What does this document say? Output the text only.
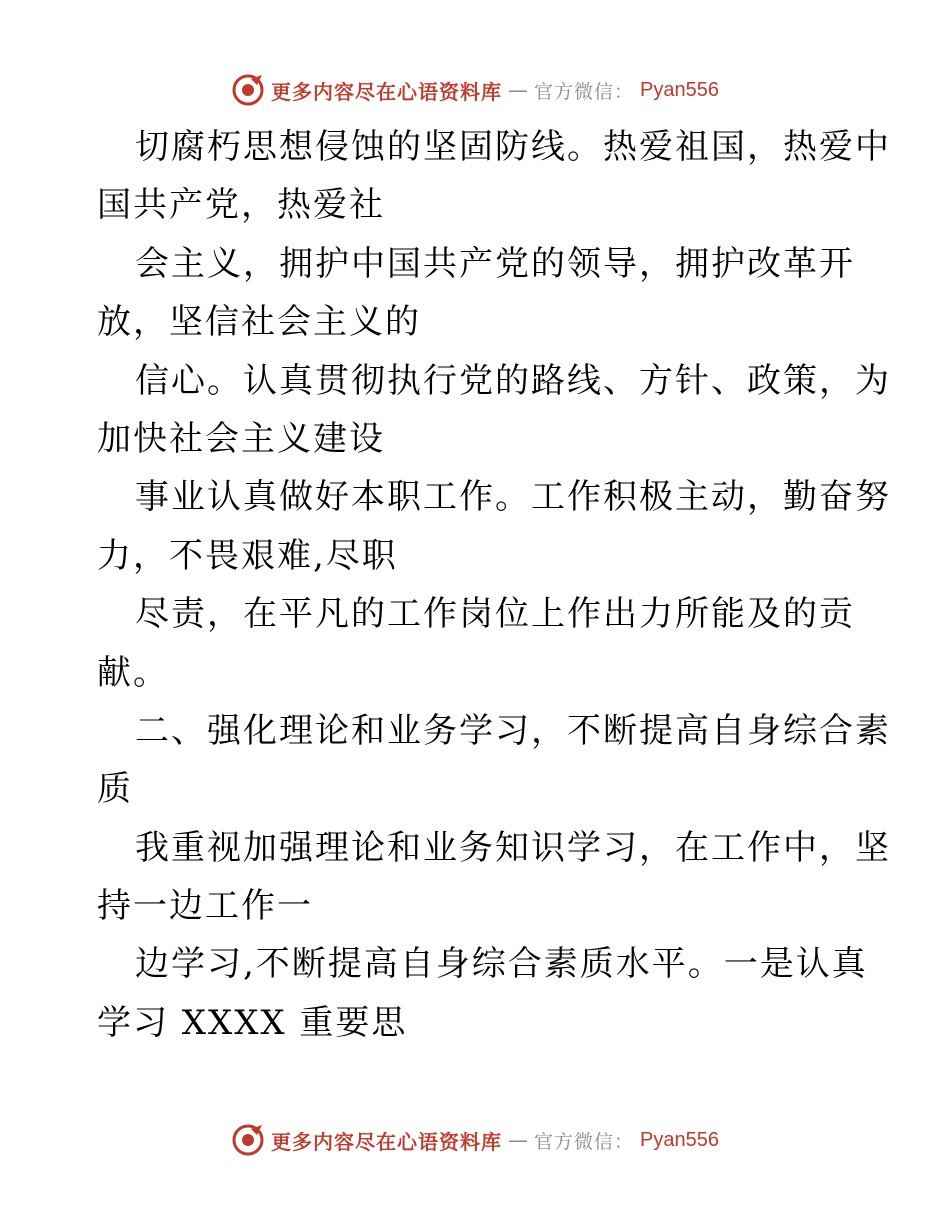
更多内容尽在心语资料库 — 官方微信： Pyan556
切腐朽思想侵蚀的坚固防线。热爱祖国，热爱中
国共产党，热爱社
会主义，拥护中国共产党的领导，拥护改革开
放，坚信社会主义的
信心。认真贯彻执行党的路线、方针、政策，为
加快社会主义建设
事业认真做好本职工作。工作积极主动，勤奋努
力，不畏艰难,尽职
尽责，在平凡的工作岗位上作出力所能及的贡
献。
二、强化理论和业务学习，不断提高自身综合素
质
我重视加强理论和业务知识学习，在工作中，坚
持一边工作一
边学习,不断提高自身综合素质水平。一是认真
学习 XXXX 重要思
更多内容尽在心语资料库 — 官方微信： Pyan556
